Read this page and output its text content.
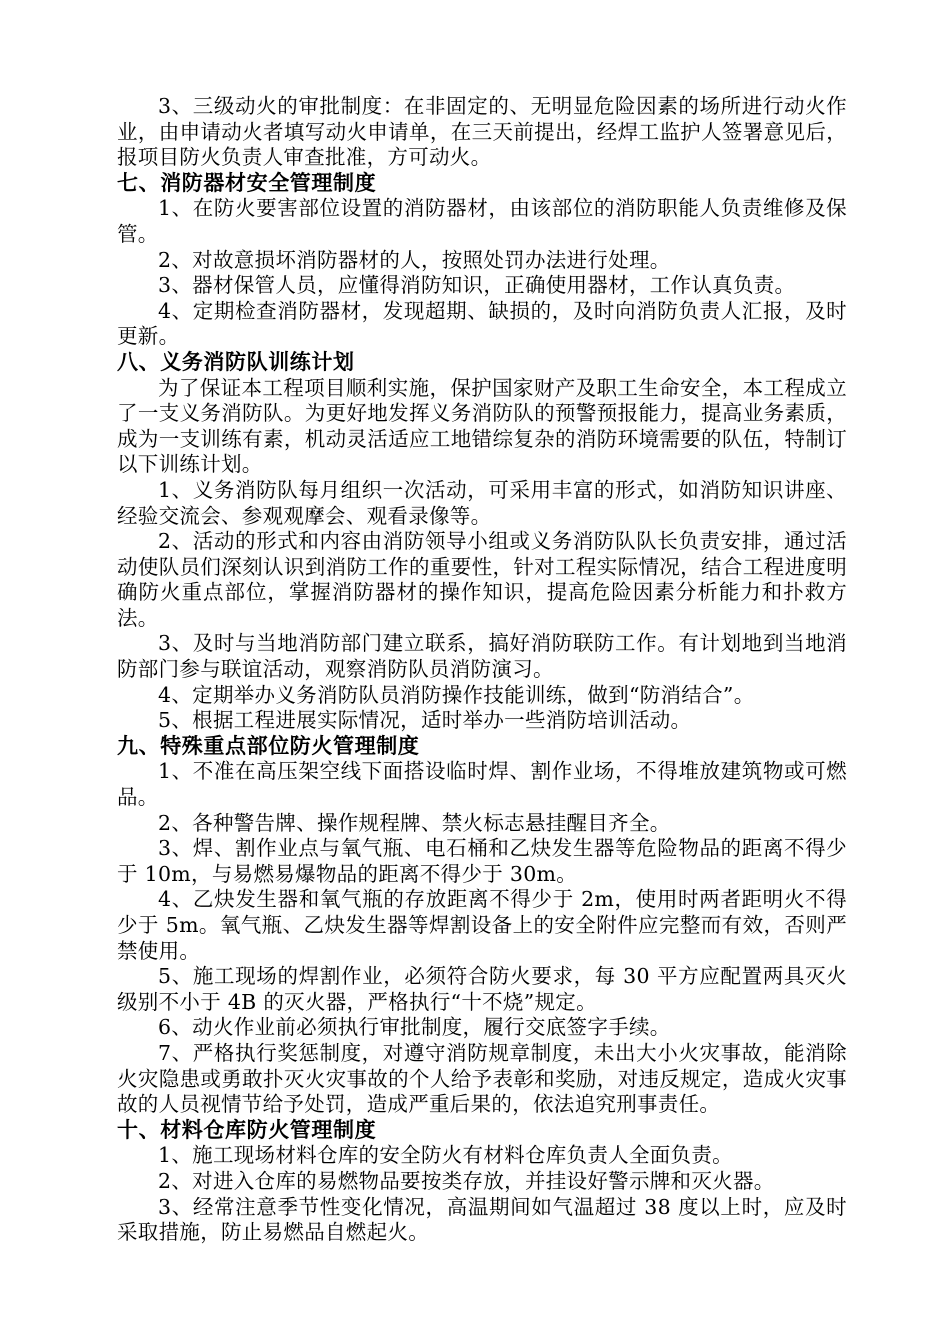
3、三级动火的审批制度：在非固定的、无明显危险因素的场所进行动火作业，由申请动火者填写动火申请单，在三天前提出，经焊工监护人签署意见后，报项目防火负责人审查批准，方可动火。

七、消防器材安全管理制度

1、在防火要害部位设置的消防器材，由该部位的消防职能人负责维修及保管。

2、对故意损坏消防器材的人，按照处罚办法进行处理。

3、器材保管人员，应懂得消防知识，正确使用器材，工作认真负责。

4、定期检查消防器材，发现超期、缺损的，及时向消防负责人汇报，及时更新。

八、义务消防队训练计划

为了保证本工程项目顺利实施，保护国家财产及职工生命安全，本工程成立了一支义务消防队。为更好地发挥义务消防队的预警预报能力，提高业务素质，成为一支训练有素，机动灵活适应工地错综复杂的消防环境需要的队伍，特制订以下训练计划。

1、义务消防队每月组织一次活动，可采用丰富的形式，如消防知识讲座、经验交流会、参观观摩会、观看录像等。

2、活动的形式和内容由消防领导小组或义务消防队队长负责安排，通过活动使队员们深刻认识到消防工作的重要性，针对工程实际情况，结合工程进度明确防火重点部位，掌握消防器材的操作知识，提高危险因素分析能力和扑救方法。

3、及时与当地消防部门建立联系，搞好消防联防工作。有计划地到当地消防部门参与联谊活动，观察消防队员消防演习。

4、定期举办义务消防队员消防操作技能训练，做到“防消结合”。

5、根据工程进展实际情况，适时举办一些消防培训活动。

九、特殊重点部位防火管理制度

1、不准在高压架空线下面搭设临时焊、割作业场，不得堆放建筑物或可燃品。

2、各种警告牌、操作规程牌、禁火标志悬挂醒目齐全。

3、焊、割作业点与氧气瓶、电石桶和乙炔发生器等危险物品的距离不得少于 10m，与易燃易爆物品的距离不得少于 30m。

4、乙炔发生器和氧气瓶的存放距离不得少于 2m，使用时两者距明火不得少于 5m。氧气瓶、乙炔发生器等焊割设备上的安全附件应完整而有效，否则严禁使用。

5、施工现场的焊割作业，必须符合防火要求，每 30 平方应配置两具灭火级别不小于 4B 的灭火器，严格执行“十不烧”规定。

6、动火作业前必须执行审批制度，履行交底签字手续。

7、严格执行奖惩制度，对遵守消防规章制度，未出大小火灾事故，能消除火灾隐患或勇敢扑灭火灾事故的个人给予表彰和奖励，对违反规定，造成火灾事故的人员视情节给予处罚，造成严重后果的，依法追究刑事责任。

十、材料仓库防火管理制度

1、施工现场材料仓库的安全防火有材料仓库负责人全面负责。

2、对进入仓库的易燃物品要按类存放，并挂设好警示牌和灭火器。

3、经常注意季节性变化情况，高温期间如气温超过 38 度以上时，应及时采取措施，防止易燃品自燃起火。
